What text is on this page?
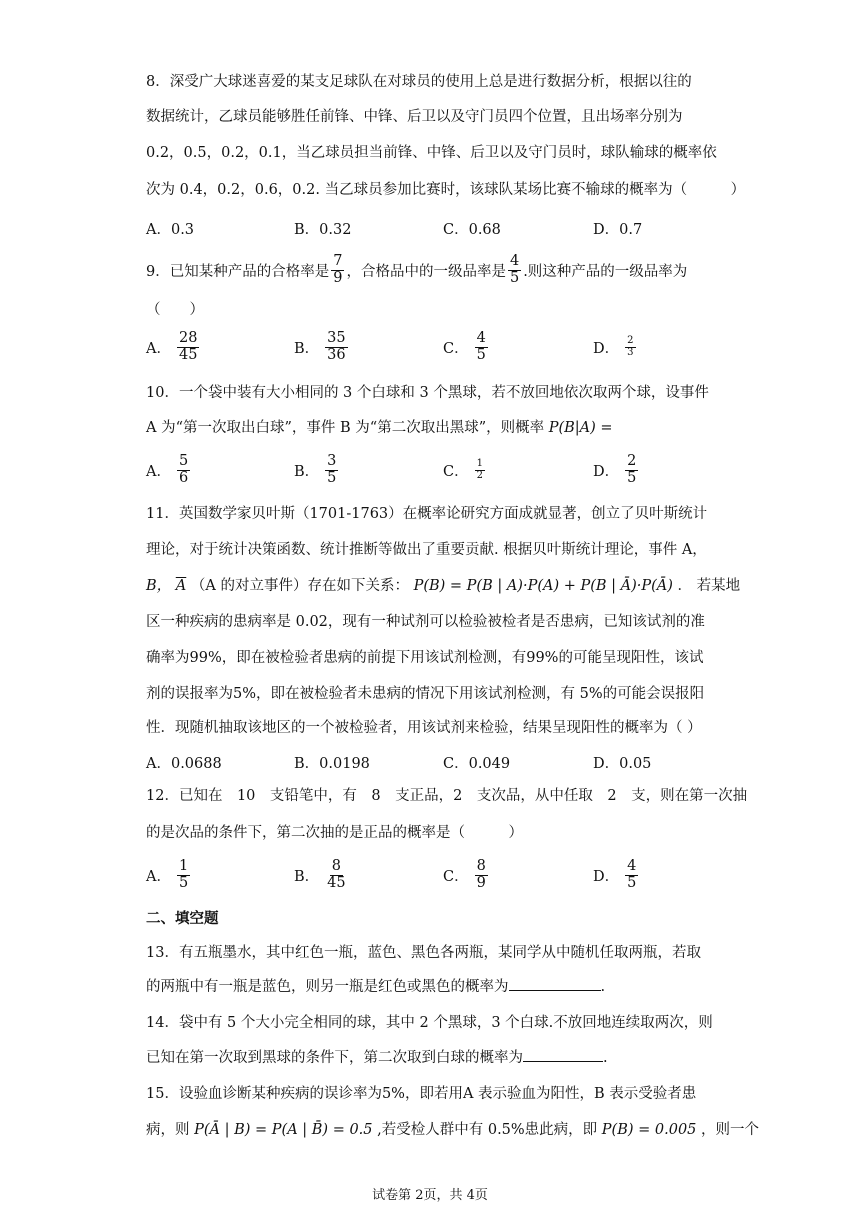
8．深受广大球迷喜爱的某支足球队在对球员的使用上总是进行数据分析，根据以往的
数据统计，乙球员能够胜任前锋、中锋、后卫以及守门员四个位置，且出场率分别为
0.2，0.5，0.2，0.1，当乙球员担当前锋、中锋、后卫以及守门员时，球队输球的概率依
次为 0.4，0.2，0.6，0.2. 当乙球员参加比赛时，该球队某场比赛不输球的概率为（　　　）
A．0.3	B．0.32	C．0.68	D．0.7
9．已知某种产品的合格率是 $\frac{7}{9}$ ，合格品中的一级品率是 $\frac{4}{5}$ .则这种产品的一级品率为
（　　）
A． $\frac{28}{45}$	B． $\frac{35}{36}$	C． $\frac{4}{5}$	D． $\frac{2}{3}$
10．一个袋中装有大小相同的 3 个白球和 3 个黑球，若不放回地依次取两个球，设事件
A 为“第一次取出白球”，事件 B 为“第二次取出黑球”，则概率 P(B|A) =
A． $\frac{5}{6}$	B． $\frac{3}{5}$	C． $\frac{1}{2}$	D． $\frac{2}{5}$
11．英国数学家贝叶斯（1701-1763）在概率论研究方面成就显著，创立了贝叶斯统计
理论，对于统计决策函数、统计推断等做出了重要贡献. 根据贝叶斯统计理论，事件 A，
B， $\overline{A}$ （A 的对立事件）存在如下关系： P(B) = P(B | A)·P(A) + P(B | Ā)·P(Ā) ． 若某地
区一种疾病的患病率是 0.02，现有一种试剂可以检验被检者是否患病，已知该试剂的准
确率为99%，即在被检验者患病的前提下用该试剂检测，有99%的可能呈现阳性，该试
剂的误报率为5%，即在被检验者未患病的情况下用该试剂检测，有 5%的可能会误报阳
性．现随机抽取该地区的一个被检验者，用该试剂来检验，结果呈现阳性的概率为（ ）
A．0.0688	B．0.0198	C．0.049	D．0.05
12．已知在　10　支铅笔中，有　8　支正品，2　支次品，从中任取　2　支，则在第一次抽
的是次品的条件下，第二次抽的是正品的概率是（　　　）
A． $\frac{1}{5}$	B． $\frac{8}{45}$	C． $\frac{8}{9}$	D． $\frac{4}{5}$
二、填空题
13．有五瓶墨水，其中红色一瓶，蓝色、黑色各两瓶，某同学从中随机任取两瓶，若取
的两瓶中有一瓶是蓝色，则另一瓶是红色或黑色的概率为	.
14．袋中有 5 个大小完全相同的球，其中 2 个黑球，3 个白球.不放回地连续取两次，则
已知在第一次取到黑球的条件下，第二次取到白球的概率为	.
15．设验血诊断某种疾病的误诊率为5%，即若用A 表示验血为阳性，B 表示受验者患
病，则 P(Ā | B) = P(A | B̄) = 0.5 ,若受检人群中有 0.5%患此病，即 P(B) = 0.005 ，则一个
试卷第 2页，共 4页
